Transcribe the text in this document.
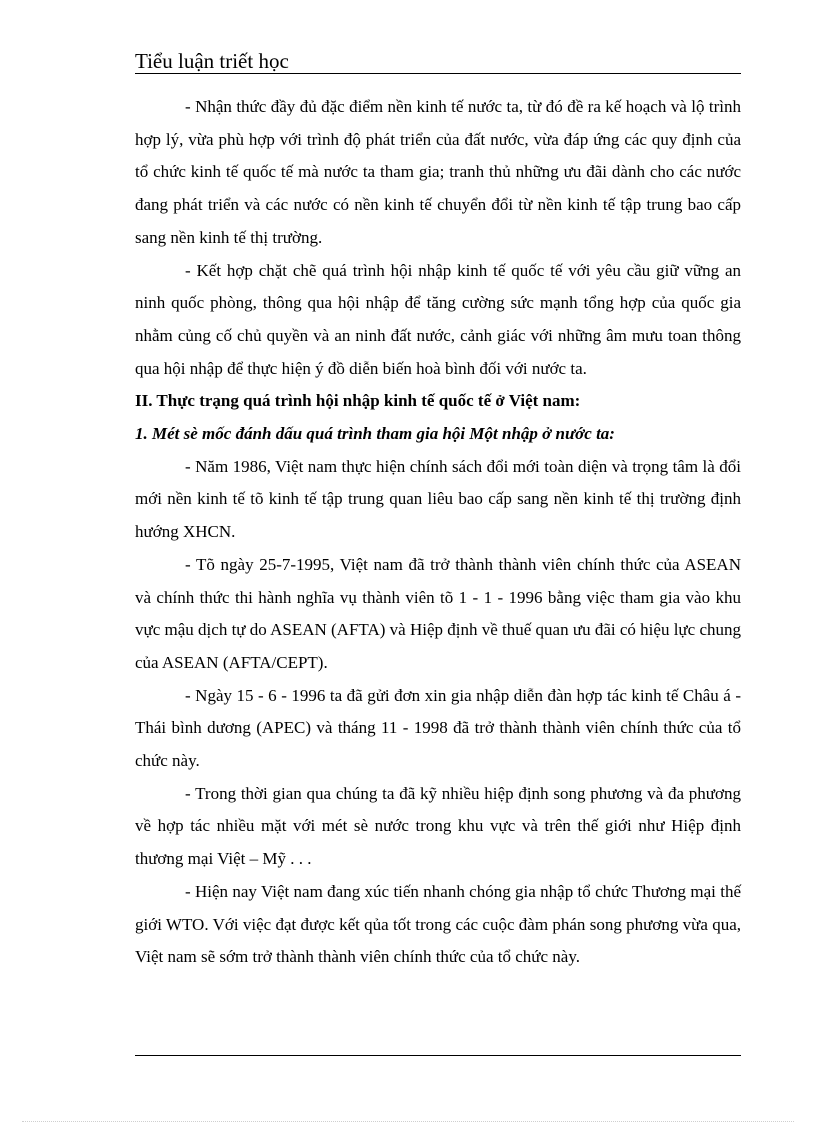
Tiểu luận triết học

- Nhận thức đầy đủ đặc điểm nền kinh tế nước ta, từ đó đề ra kế hoạch và lộ trình hợp lý, vừa phù hợp với trình độ phát triển của đất nước, vừa đáp ứng các quy định của tổ chức kinh tế quốc tế mà nước ta tham gia; tranh thủ những ưu đãi dành cho các nước đang phát triển và các nước có nền kinh tế chuyển đổi từ nền kinh tế tập trung bao cấp sang nền kinh tế thị trường.

- Kết hợp chặt chẽ quá trình hội nhập kinh tế quốc tế với yêu cầu giữ vững an ninh quốc phòng, thông qua hội nhập để tăng cường sức mạnh tổng hợp của quốc gia nhằm củng cố chủ quyền và an ninh đất nước, cảnh giác với những âm mưu toan thông qua hội nhập để thực hiện ý đồ diễn biến hoà bình đối với nước ta.

II. Thực trạng quá trình hội nhập kinh tế quốc tế ở Việt nam:

1. Mét sè mốc đánh dấu quá trình tham gia hội Một nhập ở nước ta:

- Năm 1986, Việt nam thực hiện chính sách đổi mới toàn diện và trọng tâm là đổi mới nền kinh tế tõ kinh tế tập trung quan liêu bao cấp sang nền kinh tế thị trường định hướng XHCN.

- Tõ ngày 25-7-1995, Việt nam đã trở thành thành viên chính thức của ASEAN và chính thức thi hành nghĩa vụ thành viên tõ 1 - 1 - 1996 bằng việc tham gia vào khu vực mậu dịch tự do ASEAN (AFTA) và Hiệp định về thuế quan ưu đãi có hiệu lực chung của ASEAN (AFTA/CEPT).

- Ngày 15 - 6 - 1996 ta đã gửi đơn xin gia nhập diễn đàn hợp tác kinh tế Châu á - Thái bình dương (APEC) và tháng 11 - 1998 đã trở thành thành viên chính thức của tổ chức này.

- Trong thời gian qua chúng ta đã kỹ nhiều hiệp định song phương và đa phương về hợp tác nhiều mặt với mét sè nước trong khu vực và trên thế giới như Hiệp định thương mại Việt – Mỹ . . .

- Hiện nay Việt nam đang xúc tiến nhanh chóng gia nhập tổ chức Thương mại thế giới WTO. Với việc đạt được kết qủa tốt trong các cuộc đàm phán song phương vừa qua, Việt nam sẽ sớm trở thành thành viên chính thức của tổ chức này.
